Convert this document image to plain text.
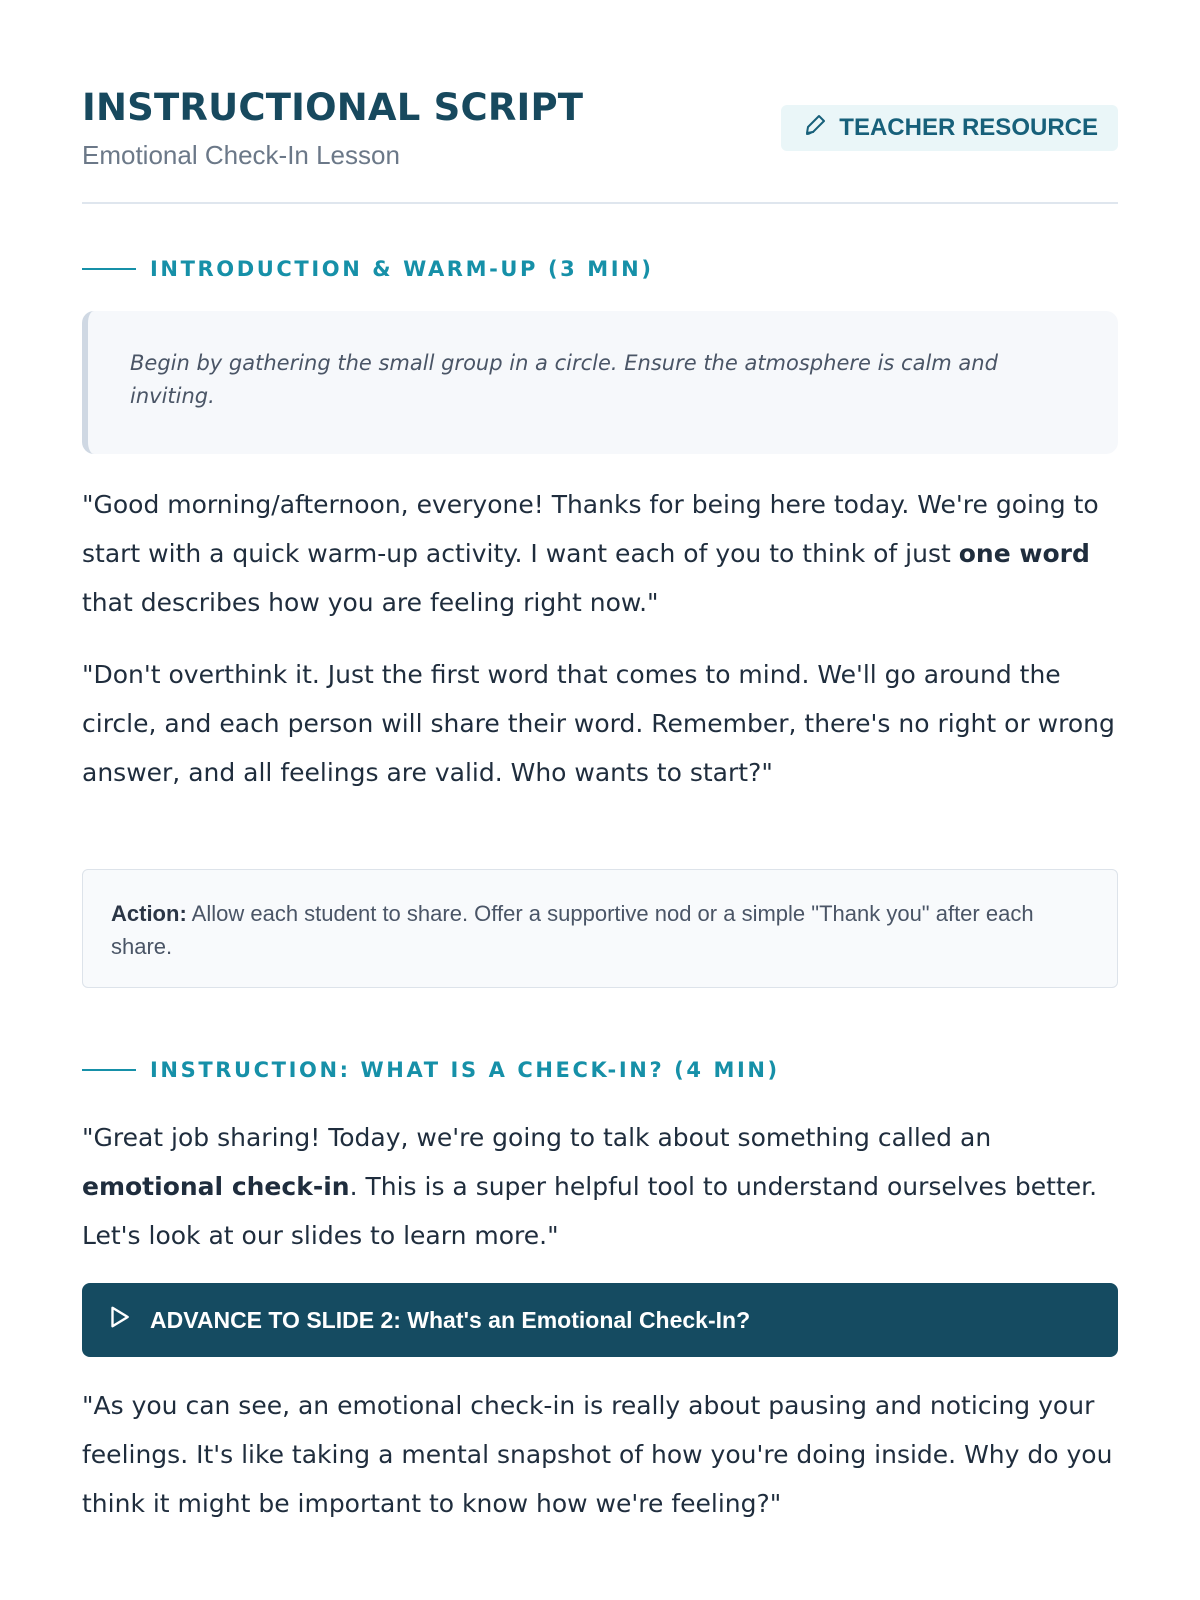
INSTRUCTIONAL SCRIPT
Emotional Check-In Lesson
TEACHER RESOURCE
INTRODUCTION & WARM-UP (3 MIN)
Begin by gathering the small group in a circle. Ensure the atmosphere is calm and inviting.
"Good morning/afternoon, everyone! Thanks for being here today. We're going to start with a quick warm-up activity. I want each of you to think of just one word that describes how you are feeling right now."
"Don't overthink it. Just the first word that comes to mind. We'll go around the circle, and each person will share their word. Remember, there's no right or wrong answer, and all feelings are valid. Who wants to start?"
Action: Allow each student to share. Offer a supportive nod or a simple "Thank you" after each share.
INSTRUCTION: WHAT IS A CHECK-IN? (4 MIN)
"Great job sharing! Today, we're going to talk about something called an emotional check-in. This is a super helpful tool to understand ourselves better. Let's look at our slides to learn more."
ADVANCE TO SLIDE 2: What's an Emotional Check-In?
"As you can see, an emotional check-in is really about pausing and noticing your feelings. It's like taking a mental snapshot of how you're doing inside. Why do you think it might be important to know how we're feeling?"
